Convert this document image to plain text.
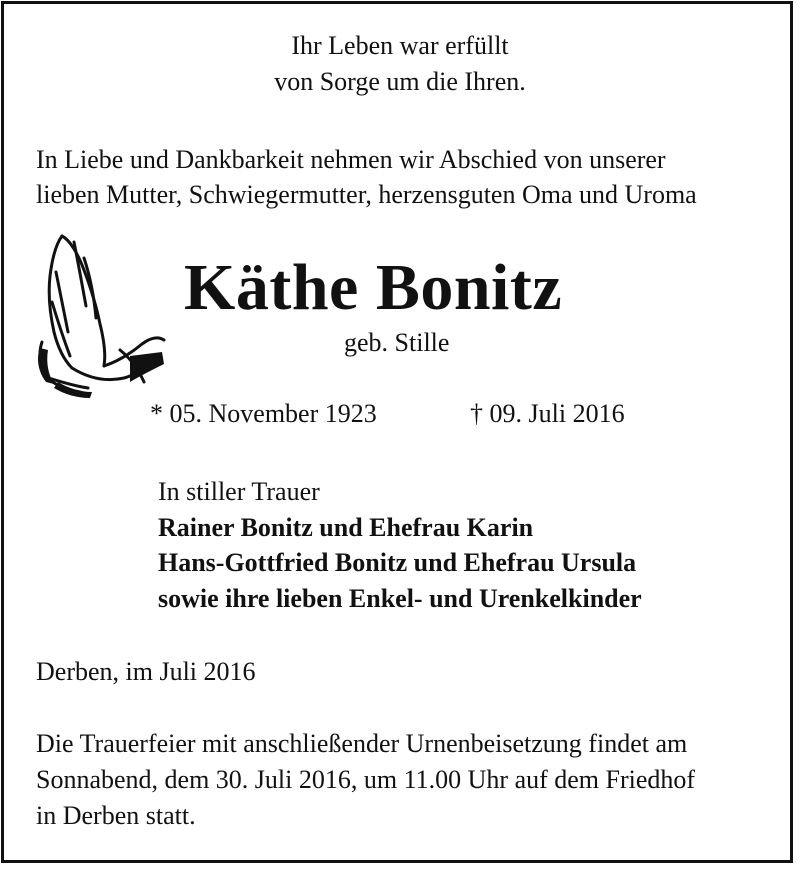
Ihr Leben war erfüllt
von Sorge um die Ihren.
In Liebe und Dankbarkeit nehmen wir Abschied von unserer
lieben Mutter, Schwiegermutter, herzensguten Oma und Uroma
Käthe Bonitz
geb. Stille
* 05. November 1923	† 09. Juli 2016
In stiller Trauer
Rainer Bonitz und Ehefrau Karin
Hans-Gottfried Bonitz und Ehefrau Ursula
sowie ihre lieben Enkel- und Urenkelkinder
Derben, im Juli 2016
Die Trauerfeier mit anschließender Urnenbeisetzung findet am
Sonnabend, dem 30. Juli 2016, um 11.00 Uhr auf dem Friedhof
in Derben statt.
